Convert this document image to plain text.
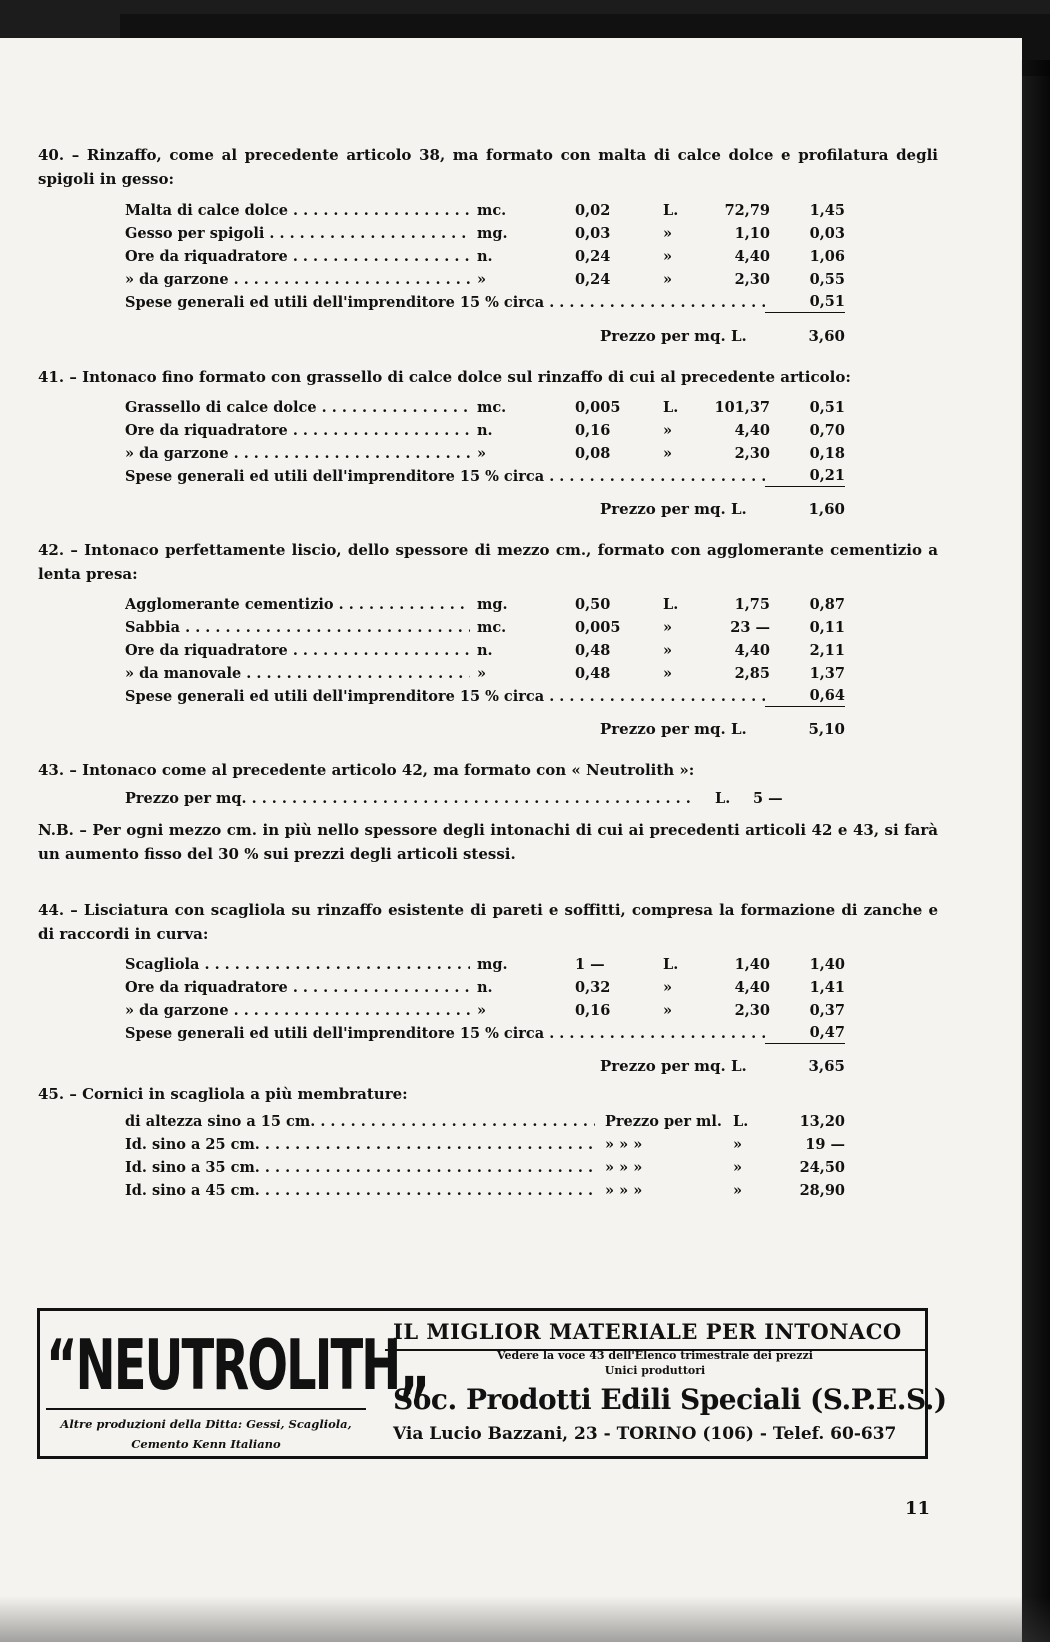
40. – Rinzaffo, come al precedente articolo 38, ma formato con malta di calce dolce e profilatura degli spigoli in gesso:
Malta di calce dolce . . .	mc.	0,02	L.	72,79	1,45
Gesso per spigoli . . .	mg.	0,03	»	1,10	0,03
Ore da riquadratore . . .	n.	0,24	»	4,40	1,06
» da garzone . . .	»	0,24	»	2,30	0,55
Spese generali ed utili dell'imprenditore 15 % circa . . .	0,51
Prezzo per mq. L.	3,60
41. – Intonaco fino formato con grassello di calce dolce sul rinzaffo di cui al precedente articolo:
Grassello di calce dolce . . .	mc.	0,005	L.	101,37	0,51
Ore da riquadratore . . .	n.	0,16	»	4,40	0,70
» da garzone . . .	»	0,08	»	2,30	0,18
Spese generali ed utili dell'imprenditore 15 % circa . . .	0,21
Prezzo per mq. L.	1,60
42. – Intonaco perfettamente liscio, dello spessore di mezzo cm., formato con agglomerante cementizio a lenta presa:
Agglomerante cementizio . . .	mg.	0,50	L.	1,75	0,87
Sabbia . . .	mc.	0,005	»	23 —	0,11
Ore da riquadratore . . .	n.	0,48	»	4,40	2,11
» da manovale . . .	»	0,48	»	2,85	1,37
Spese generali ed utili dell'imprenditore 15 % circa . . .	0,64
Prezzo per mq. L.	5,10
43. – Intonaco come al precedente articolo 42, ma formato con « Neutrolith »:
Prezzo per mq. . . .	L. 5 —
N.B. – Per ogni mezzo cm. in più nello spessore degli intonachi di cui ai precedenti articoli 42 e 43, si farà un aumento fisso del 30 % sui prezzi degli articoli stessi.
44. – Lisciatura con scagliola su rinzaffo esistente di pareti e soffitti, compresa la formazione di zanche e di raccordi in curva:
Scagliola . . .	mg.	1 —	L.	1,40	1,40
Ore da riquadratore . . .	n.	0,32	»	4,40	1,41
» da garzone . . .	»	0,16	»	2,30	0,37
Spese generali ed utili dell'imprenditore 15 % circa . . .	0,47
Prezzo per mq. L.	3,65
45. – Cornici in scagliola a più membrature:
di altezza sino a 15 cm. . . .	Prezzo per ml. L.	13,20
Id. sino a 25 cm. . . .	» » »	»	19 —
Id. sino a 35 cm. . . .	» » »	»	24,50
Id. sino a 45 cm. . . .	» » »	»	28,90
“NEUTROLITH„
Altre produzioni della Ditta: Gessi, Scagliola,
Cemento Kenn Italiano
IL MIGLIOR MATERIALE PER INTONACO
Vedere la voce 43 dell'Elenco trimestrale dei prezzi
Unici produttori
Soc. Prodotti Edili Speciali (S.P.E.S.)
Via Lucio Bazzani, 23 - TORINO (106) - Telef. 60-637
11
